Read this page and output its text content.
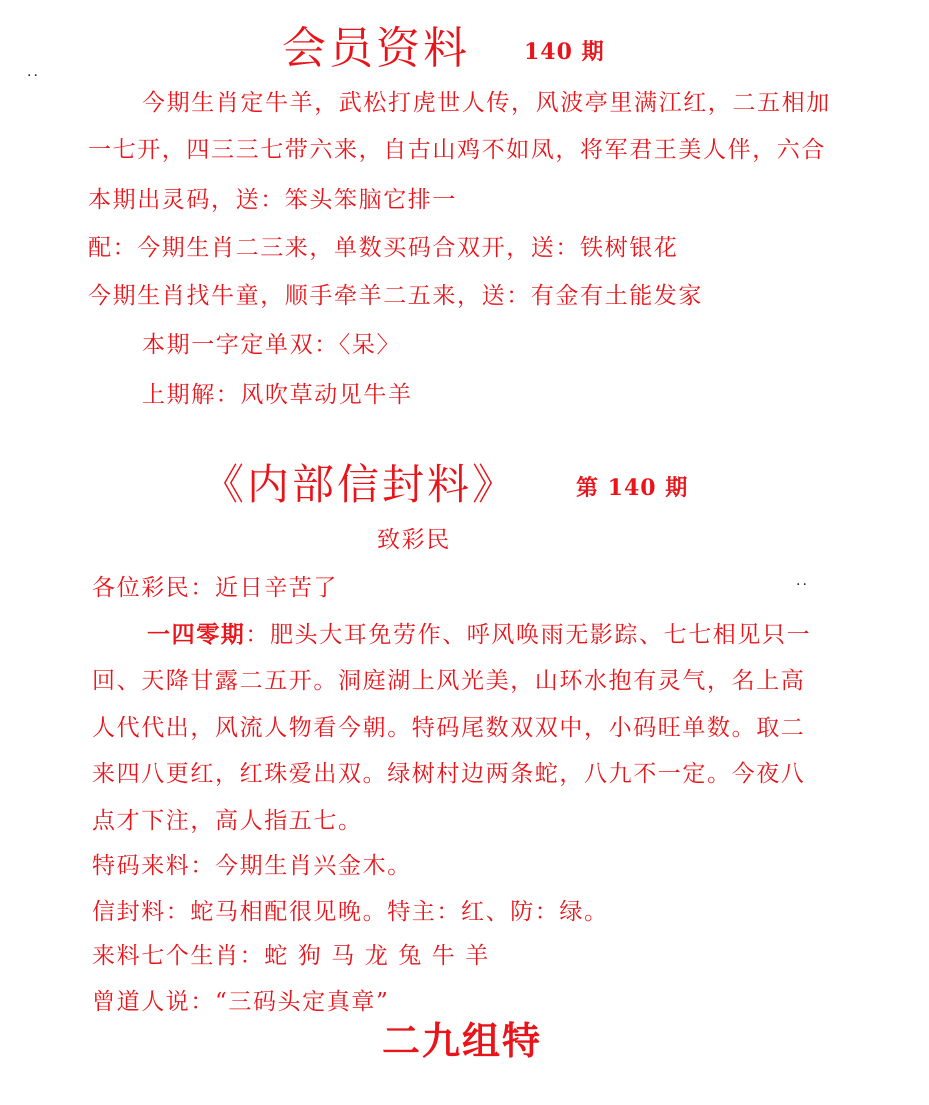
..
..
会员资料 140 期
今期生肖定牛羊，武松打虎世人传，风波亭里满江红，二五相加
一七开，四三三七带六来，自古山鸡不如凤，将军君王美人伴，六合
本期出灵码，送：笨头笨脑它排一
配：今期生肖二三来，单数买码合双开，送：铁树银花
今期生肖找牛童，顺手牵羊二五来，送：有金有土能发家
本期一字定单双：〈呆〉
上期解：风吹草动见牛羊
《内部信封料》	第 140 期
致彩民
各位彩民：近日辛苦了
一四零期：肥头大耳免劳作、呼风唤雨无影踪、七七相见只一
回、天降甘露二五开。洞庭湖上风光美，山环水抱有灵气，名上高
人代代出，风流人物看今朝。特码尾数双双中，小码旺单数。取二
来四八更红，红珠爱出双。绿树村边两条蛇，八九不一定。今夜八
点才下注，高人指五七。
特码来料：今期生肖兴金木。
信封料：蛇马相配很见晚。特主：红、防：绿。
来料七个生肖：蛇 狗 马 龙 兔 牛 羊
曾道人说：“三码头定真章”
二九组特
